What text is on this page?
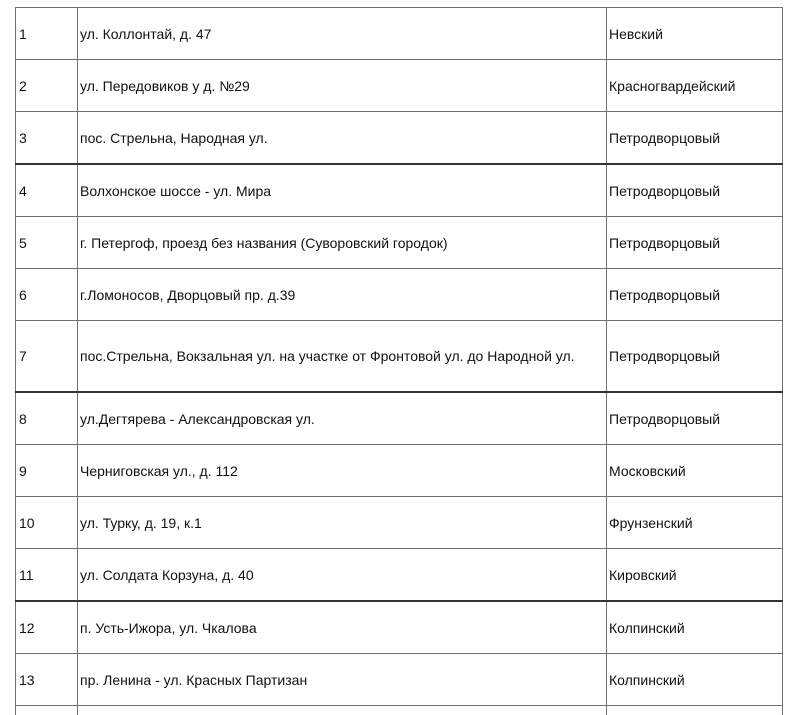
1	ул. Коллонтай, д. 47	Невский
2	ул. Передовиков у д. №29	Красногвардейский
3	пос. Стрельна, Народная ул.	Петродворцовый
4	Волхонское шоссе - ул. Мира	Петродворцовый
5	г. Петергоф, проезд без названия (Суворовский городок)	Петродворцовый
6	г.Ломоносов, Дворцовый пр. д.39	Петродворцовый
7	пос.Стрельна, Вокзальная ул. на участке от Фронтовой ул. до Народной ул.	Петродворцовый
8	ул.Дегтярева - Александровская ул.	Петродворцовый
9	Черниговская ул., д. 112	Московский
10	ул. Турку, д. 19, к.1	Фрунзенский
11	ул. Солдата Корзуна, д. 40	Кировский
12	п. Усть-Ижора, ул. Чкалова	Колпинский
13	пр. Ленина - ул. Красных Партизан	Колпинский
